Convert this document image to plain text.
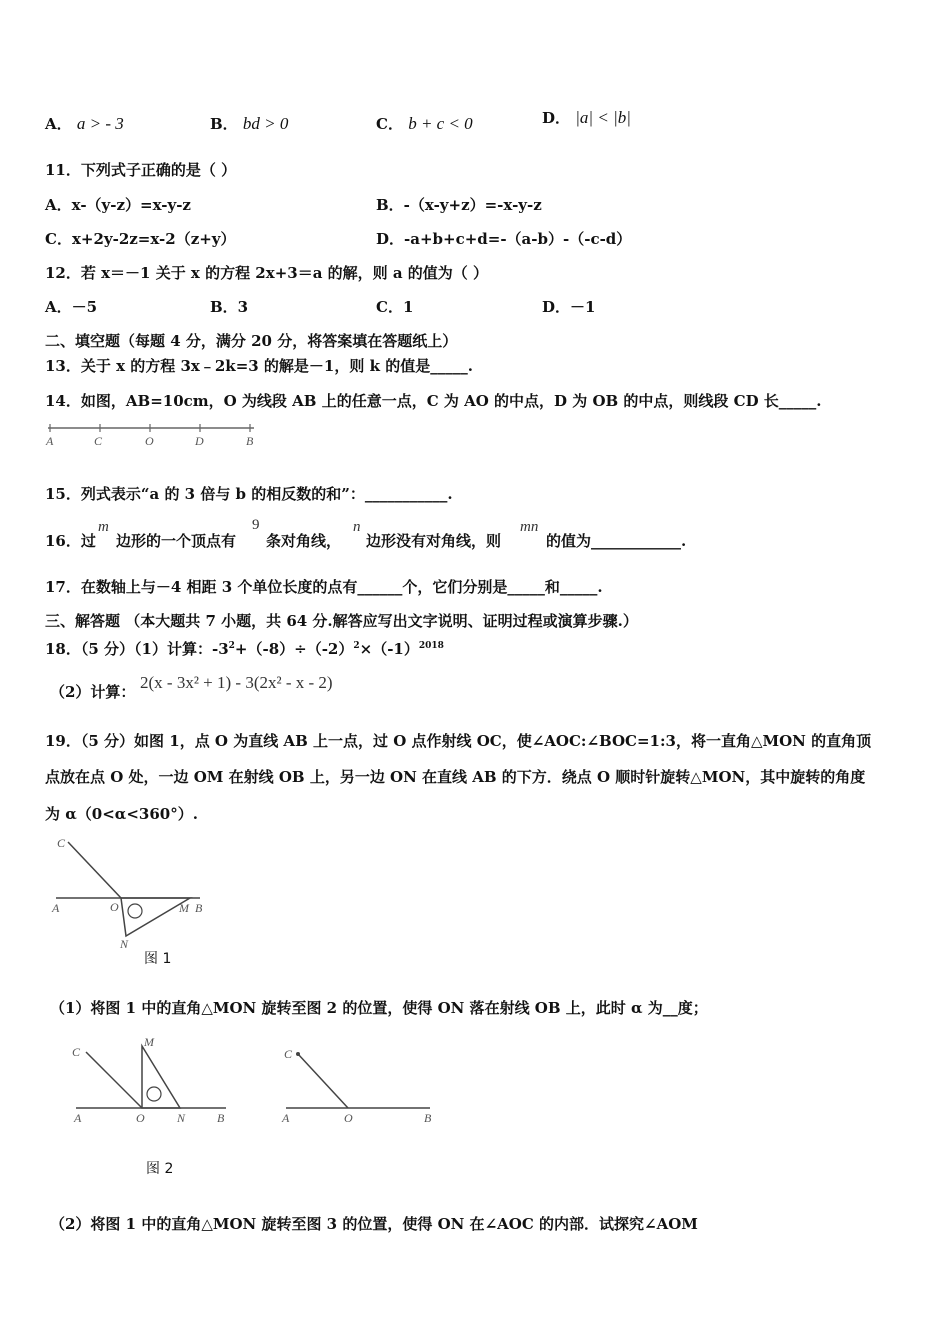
A． a > - 3	B． bd > 0	C． b + c < 0	D． |a| < |b|
11．下列式子正确的是（ ）
A．x-（y-z）=x-y-z	B．-（x-y+z）=-x-y-z
C．x+2y-2z=x-2（z+y）	D．-a+b+c+d=-（a-b）-（-c-d）
12．若 x＝－1 关于 x 的方程 2x+3＝a 的解，则 a 的值为（ ）
A．－5	B．3	C．1	D．－1
二、填空题（每题 4 分，满分 20 分，将答案填在答题纸上）
13．关于 x 的方程 3x﹣2k=3 的解是－1，则 k 的值是_____.
14．如图，AB=10cm，O 为线段 AB 上的任意一点，C 为 AO 的中点，D 为 OB 的中点，则线段 CD 长_____.
A	C	O	D	B
15．列式表示“a 的 3 倍与 b 的相反数的和”：___________.
16．过
m
边形的一个顶点有
9
条对角线，
n
边形没有对角线，则
mn
的值为____________.
17．在数轴上与－4 相距 3 个单位长度的点有______个，它们分别是_____和_____.
三、解答题 （本大题共 7 小题，共 64 分.解答应写出文字说明、证明过程或演算步骤.）
18．（5 分）（1）计算：$-3^2+(-8)\div(-2)^2\times(-1)^{2018}$
（2）计算： 2(x - 3x² + 1) - 3(2x² - x - 2)
19．（5 分）如图 1，点 O 为直线 AB 上一点，过 O 点作射线 OC，使∠AOC:∠BOC=1:3，将一直角△MON 的直角顶
点放在点 O 处，一边 OM 在射线 OB 上，另一边 ON 在直线 AB 的下方．绕点 O 顺时针旋转△MON，其中旋转的角度
为 α（0<α<360°）.
C
A	O	M B
N
图 1
（1）将图 1 中的直角△MON 旋转至图 2 的位置，使得 ON 落在射线 OB 上，此时 α 为__度；
C
M
A	O	N	B
C
A	O	B
图 2
（2）将图 1 中的直角△MON 旋转至图 3 的位置，使得 ON 在∠AOC 的内部．试探究∠AOM
